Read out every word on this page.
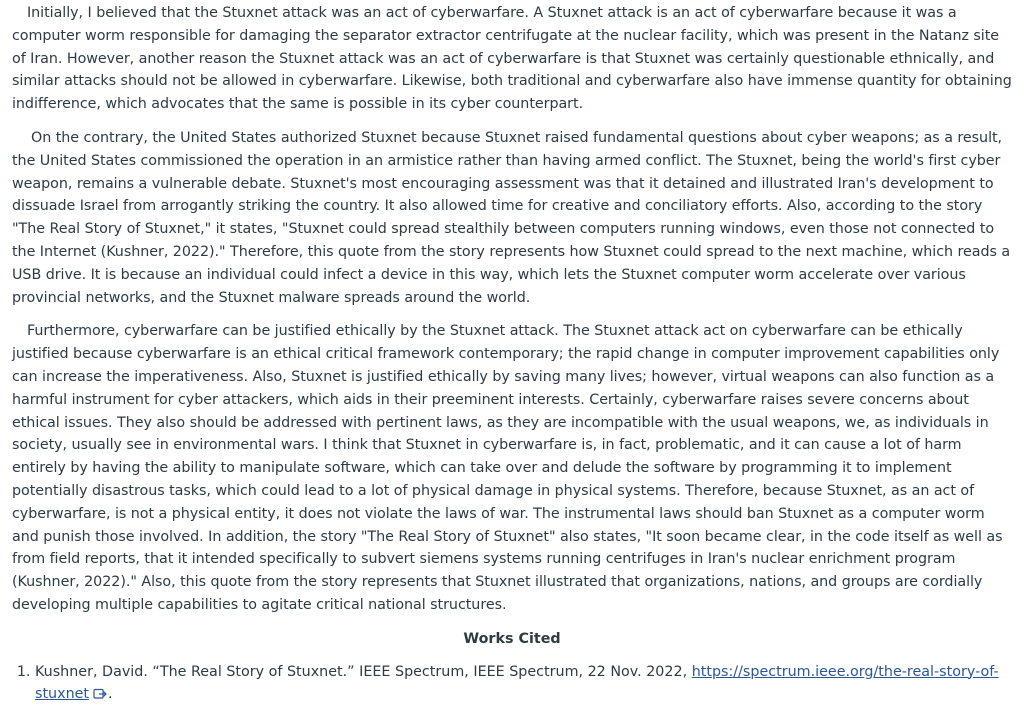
Initially, I believed that the Stuxnet attack was an act of cyberwarfare. A Stuxnet attack is an act of cyberwarfare because it was a computer worm responsible for damaging the separator extractor centrifugate at the nuclear facility, which was present in the Natanz site of Iran. However, another reason the Stuxnet attack was an act of cyberwarfare is that Stuxnet was certainly questionable ethnically, and similar attacks should not be allowed in cyberwarfare. Likewise, both traditional and cyberwarfare also have immense quantity for obtaining indifference, which advocates that the same is possible in its cyber counterpart.

On the contrary, the United States authorized Stuxnet because Stuxnet raised fundamental questions about cyber weapons; as a result, the United States commissioned the operation in an armistice rather than having armed conflict. The Stuxnet, being the world's first cyber weapon, remains a vulnerable debate. Stuxnet's most encouraging assessment was that it detained and illustrated Iran's development to dissuade Israel from arrogantly striking the country. It also allowed time for creative and conciliatory efforts. Also, according to the story "The Real Story of Stuxnet," it states, "Stuxnet could spread stealthily between computers running windows, even those not connected to the Internet (Kushner, 2022)." Therefore, this quote from the story represents how Stuxnet could spread to the next machine, which reads a USB drive. It is because an individual could infect a device in this way, which lets the Stuxnet computer worm accelerate over various provincial networks, and the Stuxnet malware spreads around the world.

Furthermore, cyberwarfare can be justified ethically by the Stuxnet attack. The Stuxnet attack act on cyberwarfare can be ethically justified because cyberwarfare is an ethical critical framework contemporary; the rapid change in computer improvement capabilities only can increase the imperativeness. Also, Stuxnet is justified ethically by saving many lives; however, virtual weapons can also function as a harmful instrument for cyber attackers, which aids in their preeminent interests. Certainly, cyberwarfare raises severe concerns about ethical issues. They also should be addressed with pertinent laws, as they are incompatible with the usual weapons, we, as individuals in society, usually see in environmental wars. I think that Stuxnet in cyberwarfare is, in fact, problematic, and it can cause a lot of harm entirely by having the ability to manipulate software, which can take over and delude the software by programming it to implement potentially disastrous tasks, which could lead to a lot of physical damage in physical systems. Therefore, because Stuxnet, as an act of cyberwarfare, is not a physical entity, it does not violate the laws of war. The instrumental laws should ban Stuxnet as a computer worm and punish those involved. In addition, the story "The Real Story of Stuxnet" also states, "It soon became clear, in the code itself as well as from field reports, that it intended specifically to subvert siemens systems running centrifuges in Iran's nuclear enrichment program (Kushner, 2022)." Also, this quote from the story represents that Stuxnet illustrated that organizations, nations, and groups are cordially developing multiple capabilities to agitate critical national structures.

Works Cited
1. Kushner, David. “The Real Story of Stuxnet.” IEEE Spectrum, IEEE Spectrum, 22 Nov. 2022, https://spectrum.ieee.org/the-real-story-of-stuxnet .
